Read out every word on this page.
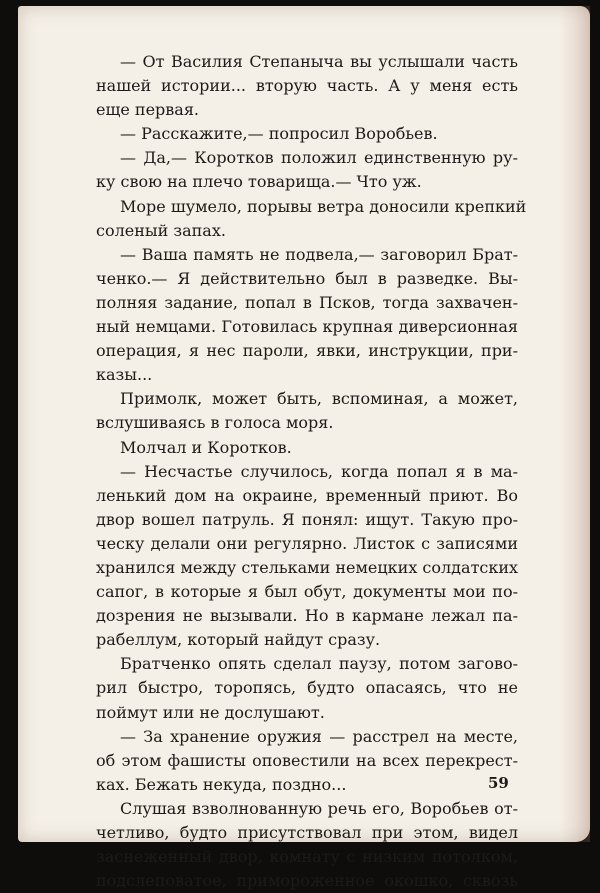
— От Василия Степаныча вы услышали часть
нашей истории... вторую часть. А у меня есть
еще первая.
— Расскажите,— попросил Воробьев.
— Да,— Коротков положил единственную ру-
ку свою на плечо товарища.— Что уж.
Море шумело, порывы ветра доносили крепкий
соленый запах.
— Ваша память не подвела,— заговорил Брат-
ченко.— Я действительно был в разведке. Вы-
полняя задание, попал в Псков, тогда захвачен-
ный немцами. Готовилась крупная диверсионная
операция, я нес пароли, явки, инструкции, при-
казы...
Примолк, может быть, вспоминая, а может,
вслушиваясь в голоса моря.
Молчал и Коротков.
— Несчастье случилось, когда попал я в ма-
ленький дом на окраине, временный приют. Во
двор вошел патруль. Я понял: ищут. Такую про-
ческу делали они регулярно. Листок с записями
хранился между стельками немецких солдатских
сапог, в которые я был обут, документы мои по-
дозрения не вызывали. Но в кармане лежал па-
рабеллум, который найдут сразу.
Братченко опять сделал паузу, потом загово-
рил быстро, торопясь, будто опасаясь, что не
поймут или не дослушают.
— За хранение оружия — расстрел на месте,
об этом фашисты оповестили на всех перекрест-
ках. Бежать некуда, поздно...
Слушая взволнованную речь его, Воробьев от-
четливо, будто присутствовал при этом, видел
заснеженный двор, комнату с низким потолком,
подслеповатое, приморoженное окошко, сквозь
59
